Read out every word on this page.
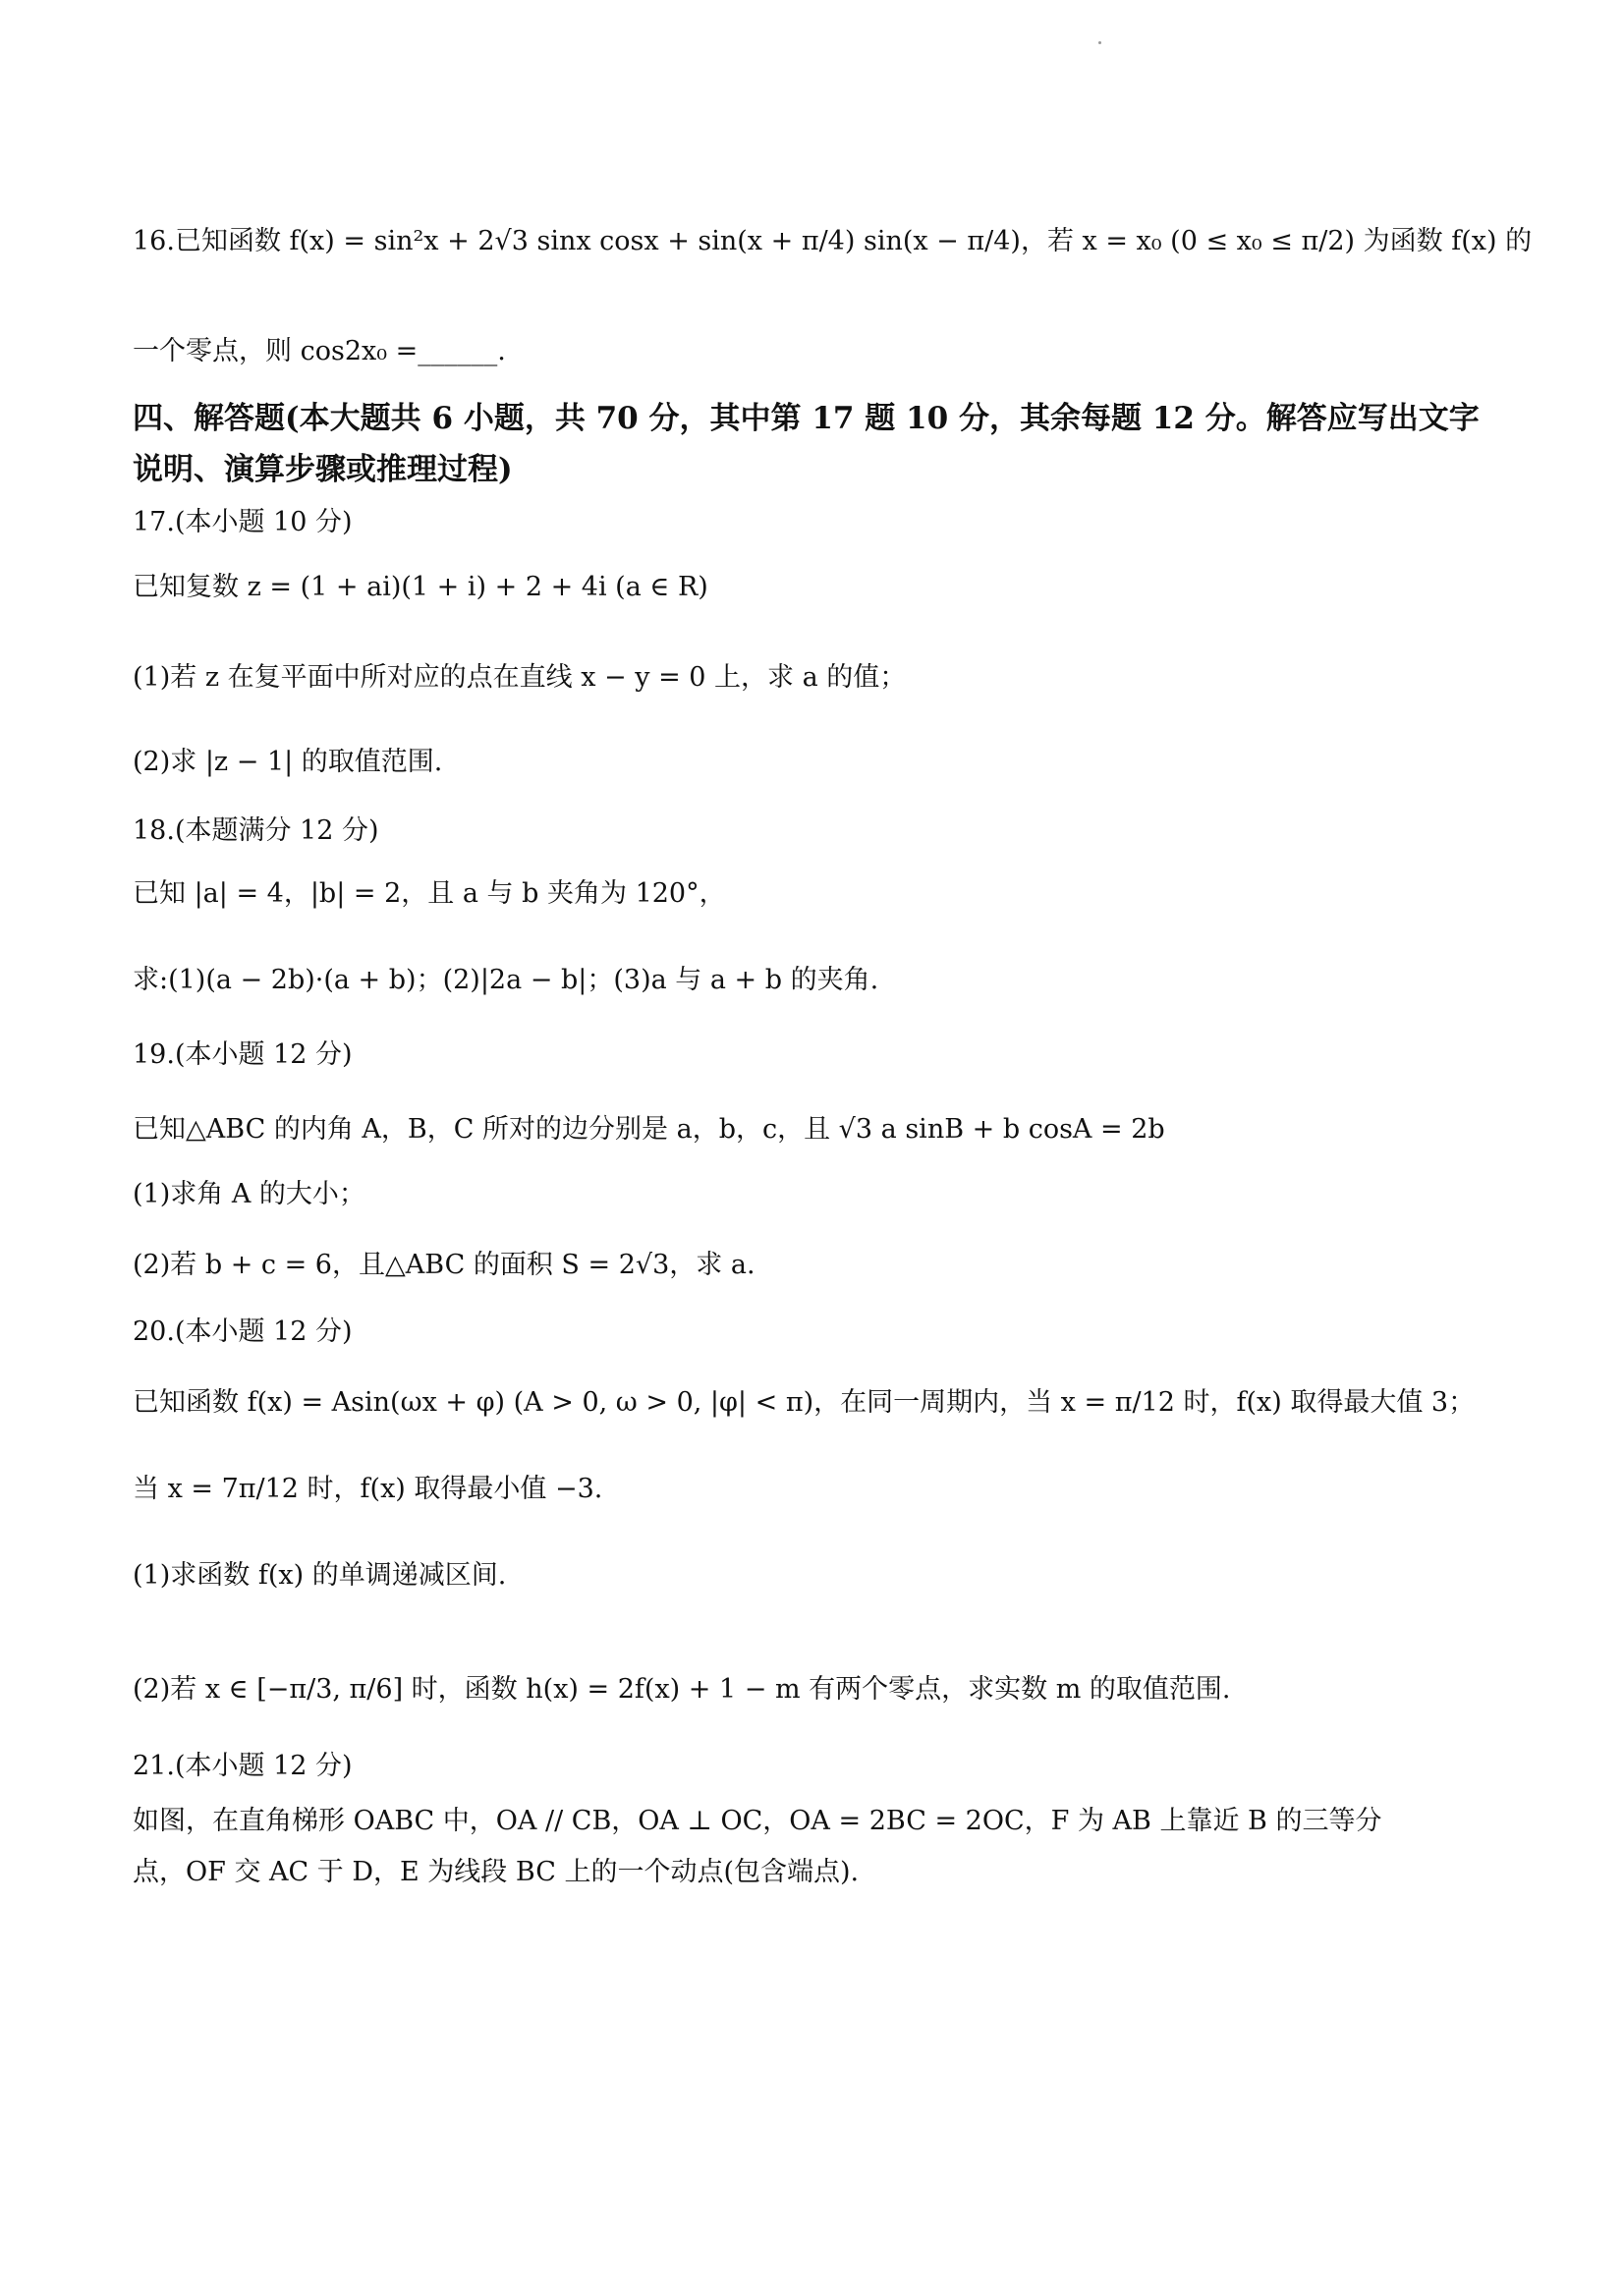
16.已知函数 f(x) = sin²x + 2√3 sinx cosx + sin(x + π/4) sin(x − π/4)，若 x = x₀ (0 ≤ x₀ ≤ π/2) 为函数 f(x) 的
一个零点，则 cos2x₀ =______.
四、解答题(本大题共 6 小题，共 70 分，其中第 17 题 10 分，其余每题 12 分。解答应写出文字
说明、演算步骤或推理过程)
17.(本小题 10 分)
已知复数 z = (1 + ai)(1 + i) + 2 + 4i (a ∈ R)
(1)若 z 在复平面中所对应的点在直线 x − y = 0 上，求 a 的值；
(2)求 |z − 1| 的取值范围.
18.(本题满分 12 分)
已知 |a| = 4，|b| = 2，且 a 与 b 夹角为 120°，
求:(1)(a − 2b)·(a + b)；(2)|2a − b|；(3)a 与 a + b 的夹角.
19.(本小题 12 分)
已知△ABC 的内角 A，B，C 所对的边分别是 a，b，c，且 √3 a sinB + b cosA = 2b
(1)求角 A 的大小；
(2)若 b + c = 6，且△ABC 的面积 S = 2√3，求 a.
20.(本小题 12 分)
已知函数 f(x) = Asin(ωx + φ) (A > 0, ω > 0, |φ| < π)，在同一周期内，当 x = π/12 时，f(x) 取得最大值 3；
当 x = 7π/12 时，f(x) 取得最小值 −3.
(1)求函数 f(x) 的单调递减区间.
(2)若 x ∈ [−π/3, π/6] 时，函数 h(x) = 2f(x) + 1 − m 有两个零点，求实数 m 的取值范围.
21.(本小题 12 分)
如图，在直角梯形 OABC 中，OA // CB，OA ⊥ OC，OA = 2BC = 2OC，F 为 AB 上靠近 B 的三等分
点，OF 交 AC 于 D，E 为线段 BC 上的一个动点(包含端点).
